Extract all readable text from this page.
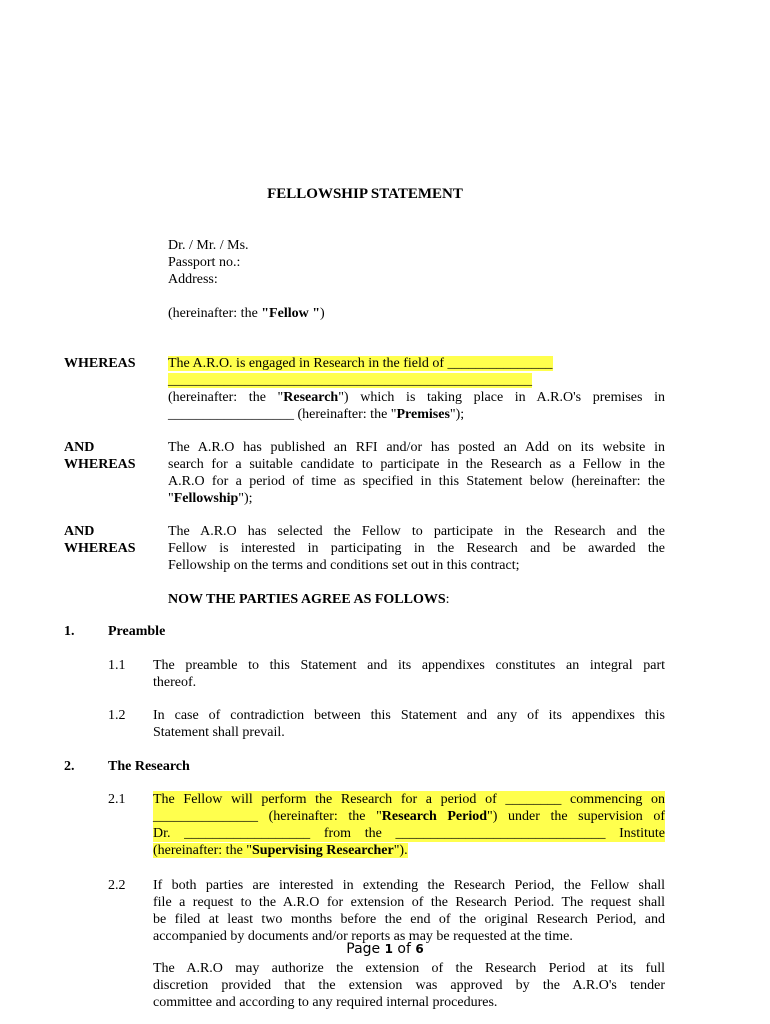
FELLOWSHIP STATEMENT
Dr. / Mr. / Ms.
Passport no.:
Address:
(hereinafter: the "Fellow ")
WHEREAS The A.R.O. is engaged in Research in the field of _______________
____________________________________________________
(hereinafter: the "Research") which is taking place in A.R.O's premises in
__________________ (hereinafter: the "Premises");
AND
WHEREAS
The A.R.O has published an RFI and/or has posted an Add on its website in
search for a suitable candidate to participate in the Research as a Fellow in the
A.R.O for a period of time as specified in this Statement below (hereinafter: the
"Fellowship");
AND
WHEREAS
The A.R.O has selected the Fellow to participate in the Research and the
Fellow is interested in participating in the Research and be awarded the
Fellowship on the terms and conditions set out in this contract;
NOW THE PARTIES AGREE AS FOLLOWS:
1. Preamble
1.1 The preamble to this Statement and its appendixes constitutes an integral part
thereof.
1.2 In case of contradiction between this Statement and any of its appendixes this
Statement shall prevail.
2. The Research
2.1 The Fellow will perform the Research for a period of ________ commencing on
_______________ (hereinafter: the "Research Period") under the supervision of
Dr. __________________ from the ______________________________ Institute
(hereinafter: the "Supervising Researcher").
2.2 If both parties are interested in extending the Research Period, the Fellow shall
file a request to the A.R.O for extension of the Research Period. The request shall
be filed at least two months before the end of the original Research Period, and
accompanied by documents and/or reports as may be requested at the time.
Page 1 of 6
The A.R.O may authorize the extension of the Research Period at its full
discretion provided that the extension was approved by the A.R.O's tender
committee and according to any required internal procedures.
